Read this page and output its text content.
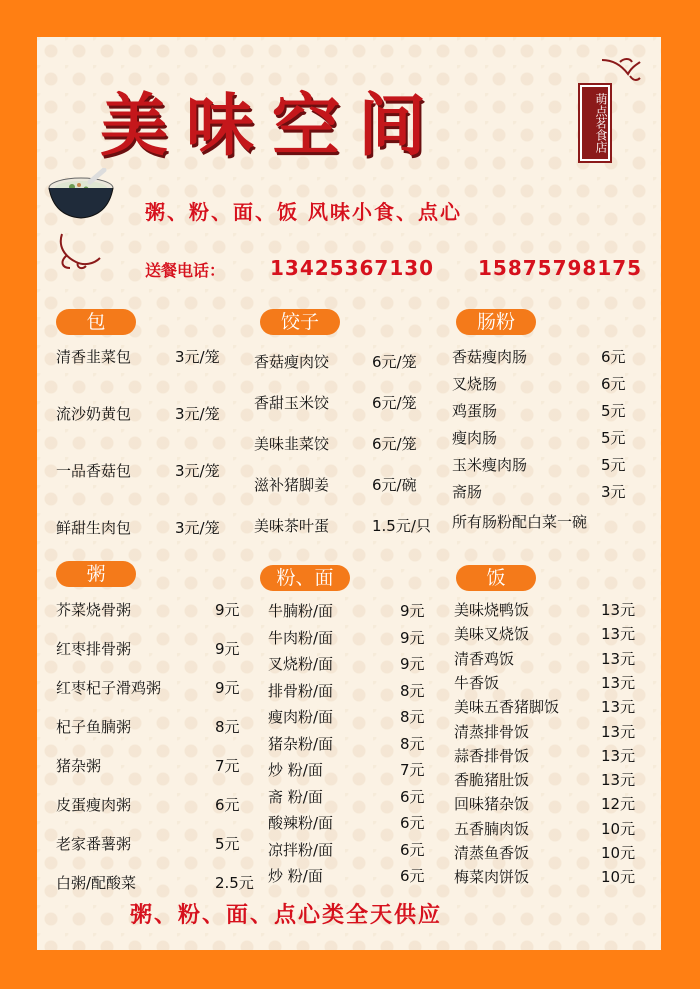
美味空间	萌点茗食店
粥、粉、面、饭 风味小食、点心
送餐电话： 13425367130 15875798175
包	饺子	肠粉
粥	粉、面	饭
清香韭菜包	3元/笼
流沙奶黄包	3元/笼
一品香菇包	3元/笼
鲜甜生肉包	3元/笼
香菇瘦肉饺	6元/笼
香甜玉米饺	6元/笼
美味韭菜饺	6元/笼
滋补猪脚姜	6元/碗
美味茶叶蛋	1.5元/只
香菇瘦肉肠	6元
叉烧肠	6元
鸡蛋肠	5元
瘦肉肠	5元
玉米瘦肉肠	5元
斋肠	3元
芥菜烧骨粥	9元
红枣排骨粥	9元
红枣杞子滑鸡粥	9元
杞子鱼腩粥	8元
猪杂粥	7元
皮蛋瘦肉粥	6元
老家番薯粥	5元
白粥/配酸菜	2.5元
牛腩粉/面	9元
牛肉粉/面	9元
叉烧粉/面	9元
排骨粉/面	8元
瘦肉粉/面	8元
猪杂粉/面	8元
炒 粉/面	7元
斋 粉/面	6元
酸辣粉/面	6元
凉拌粉/面	6元
炒 粉/面	6元
美味烧鸭饭	13元
美味叉烧饭	13元
清香鸡饭	13元
牛香饭	13元
美味五香猪脚饭	13元
清蒸排骨饭	13元
蒜香排骨饭	13元
香脆猪肚饭	13元
回味猪杂饭	12元
五香腩肉饭	10元
清蒸鱼香饭	10元
梅菜肉饼饭	10元
所有肠粉配白菜一碗
粥、粉、面、点心类全天供应
